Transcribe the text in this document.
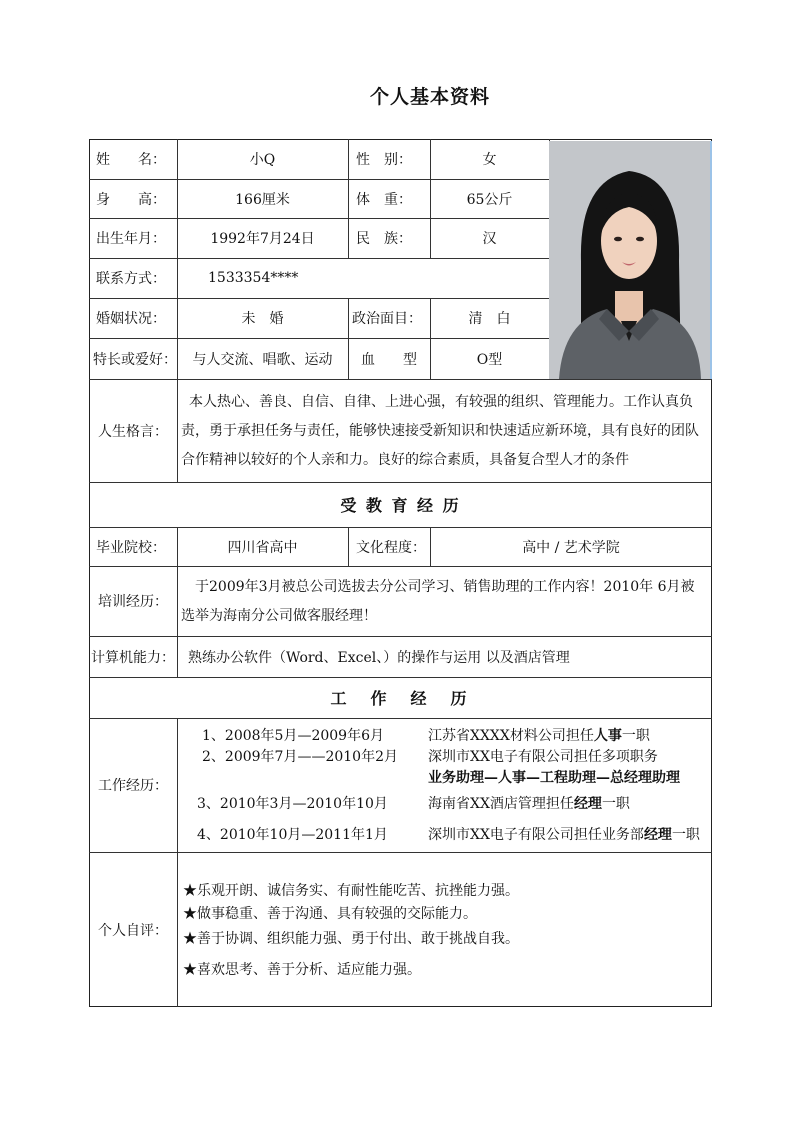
个人基本资料
姓　　名：	小Q	性　别：	女
身　　高：	166厘米	体　重：	65公斤
出生年月：	1992年7月24日	民　族：	汉
联系方式：	1533354****
婚姻状况：	未　婚	政治面目：	清　白
特长或爱好：	与人交流、唱歌、运动	血　　型	O型
人生格言：
本人热心、善良、自信、自律、上进心强，有较强的组织、管理能力。工作认真负责，勇于承担任务与责任，能够快速接受新知识和快速适应新环境，具有良好的团队合作精神以较好的个人亲和力。良好的综合素质，具备复合型人才的条件
受 教 育 经 历
毕业院校：	四川省高中	文化程度：	高中 / 艺术学院
培训经历：
于2009年3月被总公司选拔去分公司学习、销售助理的工作内容！2010年 6月被选举为海南分公司做客服经理！
计算机能力： 熟练办公软件（Word、Excel、）的操作与运用 以及酒店管理
工　作　经　历
工作经历：
1、2008年5月—2009年6月	江苏省XXXX材料公司担任人事一职
2、2009年7月——2010年2月 深圳市XX电子有限公司担任多项职务
业务助理—人事—工程助理—总经理助理
3、2010年3月—2010年10月	海南省XX酒店管理担任经理一职
4、2010年10月—2011年1月	深圳市XX电子有限公司担任业务部经理一职
个人自评：
★乐观开朗、诚信务实、有耐性能吃苦、抗挫能力强。
★做事稳重、善于沟通、具有较强的交际能力。
★善于协调、组织能力强、勇于付出、敢于挑战自我。
★喜欢思考、善于分析、适应能力强。
